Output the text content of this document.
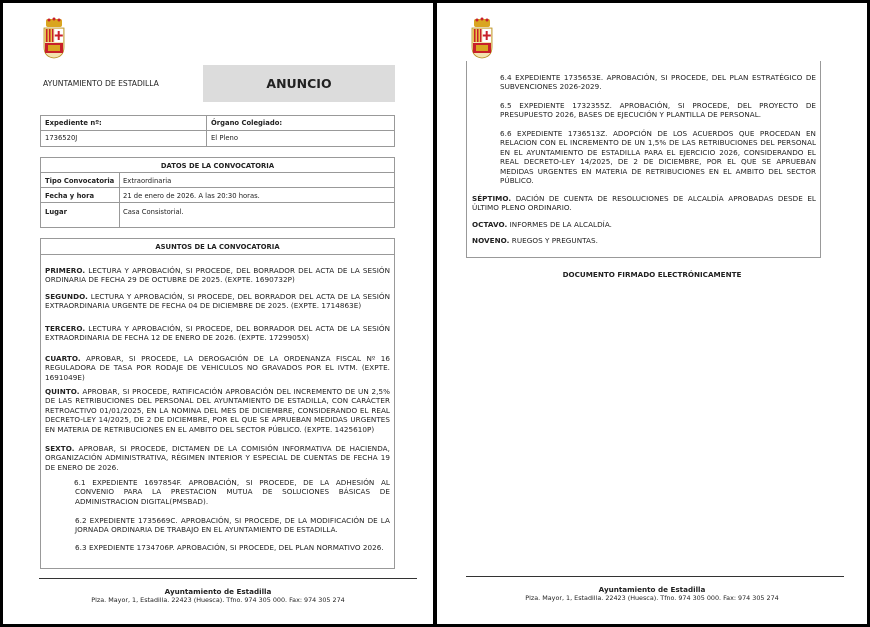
AYUNTAMIENTO DE ESTADILLA	ANUNCIO
Expediente nº:
1736520J
Órgano Colegiado:
El Pleno
DATOS DE LA CONVOCATORIA
Tipo Convocatoria Extraordinaria
Fecha y hora	21 de enero de 2026. A las 20:30 horas.
Lugar	Casa Consistorial.
ASUNTOS DE LA CONVOCATORIA
PRIMERO. LECTURA Y APROBACIÓN, SI PROCEDE, DEL BORRADOR DEL ACTA DE LA SESIÓN ORDINARIA DE FECHA 29 DE OCTUBRE DE 2025. (EXPTE. 1690732P)
SEGUNDO. LECTURA Y APROBACIÓN, SI PROCEDE, DEL BORRADOR DEL ACTA DE LA SESIÓN EXTRAORDINARIA URGENTE DE FECHA 04 DE DICIEMBRE DE 2025. (EXPTE. 1714863E)
TERCERO. LECTURA Y APROBACIÓN, SI PROCEDE, DEL BORRADOR DEL ACTA DE LA SESIÓN EXTRAORDINARIA DE FECHA 12 DE ENERO DE 2026. (EXPTE. 1729905X)
CUARTO. APROBAR, SI PROCEDE, LA DEROGACIÓN DE LA ORDENANZA FISCAL Nº 16 REGULADORA DE TASA POR RODAJE DE VEHICULOS NO GRAVADOS POR EL IVTM. (EXPTE. 1691049E)
QUINTO. APROBAR, SI PROCEDE, RATIFICACIÓN APROBACIÓN DEL INCREMENTO DE UN 2,5% DE LAS RETRIBUCIONES DEL PERSONAL DEL AYUNTAMIENTO DE ESTADILLA, CON CARÁCTER RETROACTIVO 01/01/2025, EN LA NOMINA DEL MES DE DICIEMBRE, CONSIDERANDO EL REAL DECRETO-LEY 14/2025, DE 2 DE DICIEMBRE, POR EL QUE SE APRUEBAN MEDIDAS URGENTES EN MATERIA DE RETRIBUCIONES EN EL AMBITO DEL SECTOR PÚBLICO. (EXPTE. 1425610P)
SEXTO. APROBAR, SI PROCEDE, DICTAMEN DE LA COMISIÓN INFORMATIVA DE HACIENDA, ORGANIZACIÓN ADMINISTRATIVA, RÉGIMEN INTERIOR Y ESPECIAL DE CUENTAS DE FECHA 19 DE ENERO DE 2026.
6.1 EXPEDIENTE 1697854F. APROBACIÓN, SI PROCEDE, DE LA ADHESIÓN AL CONVENIO PARA LA PRESTACION MUTUA DE SOLUCIONES BÁSICAS DE ADMINISTRACION DIGITAL(PMSBAD).
6.2 EXPEDIENTE 1735669C. APROBACIÓN, SI PROCEDE, DE LA MODIFICACIÓN DE LA JORNADA ORDINARIA DE TRABAJO EN EL AYUNTAMIENTO DE ESTADILLA.
6.3 EXPEDIENTE 1734706P. APROBACIÓN, SI PROCEDE, DEL PLAN NORMATIVO 2026.
Ayuntamiento de Estadilla
Plza. Mayor, 1, Estadilla. 22423 (Huesca). Tfno. 974 305 000. Fax: 974 305 274
6.4 EXPEDIENTE 1735653E. APROBACIÓN, SI PROCEDE, DEL PLAN ESTRATÉGICO DE SUBVENCIONES 2026-2029.
6.5 EXPEDIENTE 1732355Z. APROBACIÓN, SI PROCEDE, DEL PROYECTO DE PRESUPUESTO 2026, BASES DE EJECUCIÓN Y PLANTILLA DE PERSONAL.
6.6 EXPEDIENTE 1736513Z. ADOPCIÓN DE LOS ACUERDOS QUE PROCEDAN EN RELACION CON EL INCREMENTO DE UN 1,5% DE LAS RETRIBUCIONES DEL PERSONAL EN EL AYUNTAMIENTO DE ESTADILLA PARA EL EJERCICIO 2026, CONSIDERANDO EL REAL DECRETO-LEY 14/2025, DE 2 DE DICIEMBRE, POR EL QUE SE APRUEBAN MEDIDAS URGENTES EN MATERIA DE RETRIBUCIONES EN EL AMBITO DEL SECTOR PÚBLICO.
SÉPTIMO. DACIÓN DE CUENTA DE RESOLUCIONES DE ALCALDÍA APROBADAS DESDE EL ÚLTIMO PLENO ORDINARIO.
OCTAVO. INFORMES DE LA ALCALDÍA.
NOVENO. RUEGOS Y PREGUNTAS.
DOCUMENTO FIRMADO ELECTRÓNICAMENTE
Ayuntamiento de Estadilla
Plza. Mayor, 1, Estadilla. 22423 (Huesca). Tfno. 974 305 000. Fax: 974 305 274
